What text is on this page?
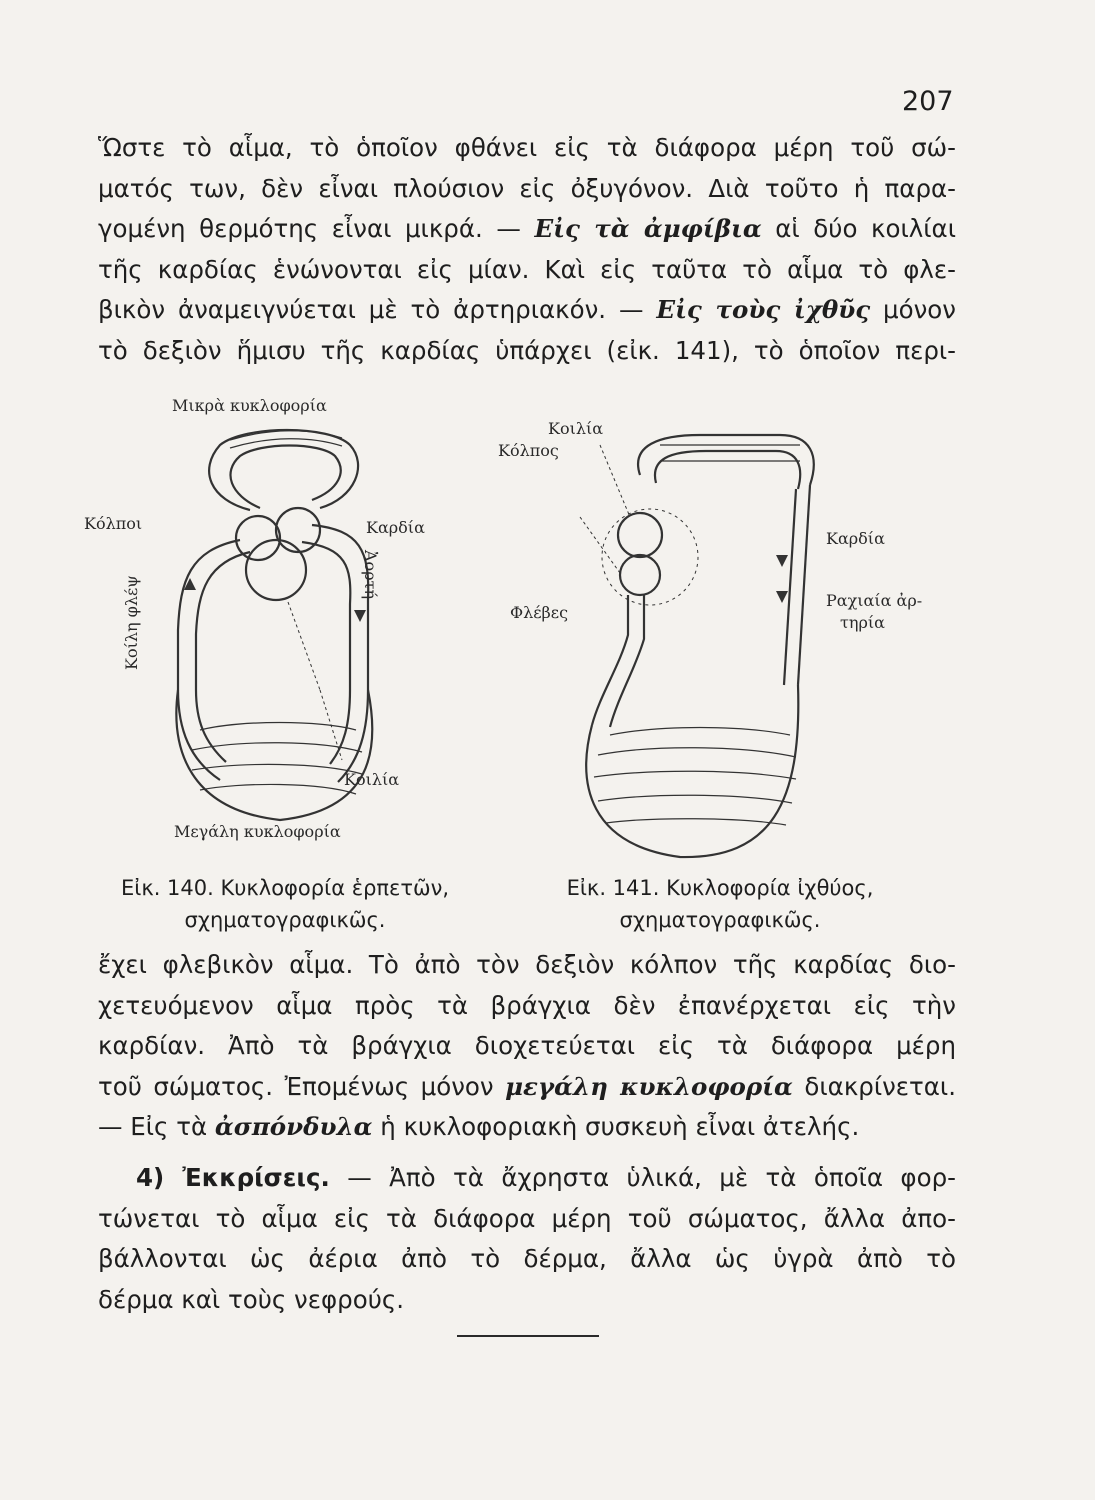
207
Ὥστε τὸ αἷμα, τὸ ὁποῖον φθάνει εἰς τὰ διάφορα μέρη τοῦ σώ-
ματός των, δὲν εἶναι πλούσιον εἰς ὀξυγόνον. Διὰ τοῦτο ἡ παρα-
γομένη θερμότης εἶναι μικρά. — Εἰς τὰ ἀμφίβια αἱ δύο κοιλίαι
τῆς καρδίας ἑνώνονται εἰς μίαν. Καὶ εἰς ταῦτα τὸ αἷμα τὸ φλε-
βικὸν ἀναμειγνύεται μὲ τὸ ἀρτηριακόν. — Εἰς τοὺς ἰχθῦς μόνον
τὸ δεξιὸν ἥμισυ τῆς καρδίας ὑπάρχει (εἰκ. 141), τὸ ὁποῖον περι-
Μικρὰ κυκλοφορία
Κόλποι	Καρδία
Κοίλη φλέψ
Ἀορτή
Κοιλία
Μεγάλη κυκλοφορία
Εἰκ. 140. Κυκλοφορία ἑρπετῶν,
σχηματογραφικῶς.
Κοιλία
Κόλπος
Καρδία
Φλέβες
Ραχιαία ἀρ-
τηρία
Εἰκ. 141. Κυκλοφορία ἰχθύος,
σχηματογραφικῶς.
ἔχει φλεβικὸν αἷμα. Τὸ ἀπὸ τὸν δεξιὸν κόλπον τῆς καρδίας διο-
χετευόμενον αἷμα πρὸς τὰ βράγχια δὲν ἐπανέρχεται εἰς τὴν
καρδίαν. Ἀπὸ τὰ βράγχια διοχετεύεται εἰς τὰ διάφορα μέρη
τοῦ σώματος. Ἐπομένως μόνον μεγάλη κυκλοφορία διακρίνεται.
— Εἰς τὰ ἀσπόνδυλα ἡ κυκλοφοριακὴ συσκευὴ εἶναι ἀτελής.
4) Ἐκκρίσεις. — Ἀπὸ τὰ ἄχρηστα ὑλικά, μὲ τὰ ὁποῖα φορ-
τώνεται τὸ αἷμα εἰς τὰ διάφορα μέρη τοῦ σώματος, ἄλλα ἀπο-
βάλλονται ὡς ἀέρια ἀπὸ τὸ δέρμα, ἄλλα ὡς ὑγρὰ ἀπὸ τὸ
δέρμα καὶ τοὺς νεφρούς.
